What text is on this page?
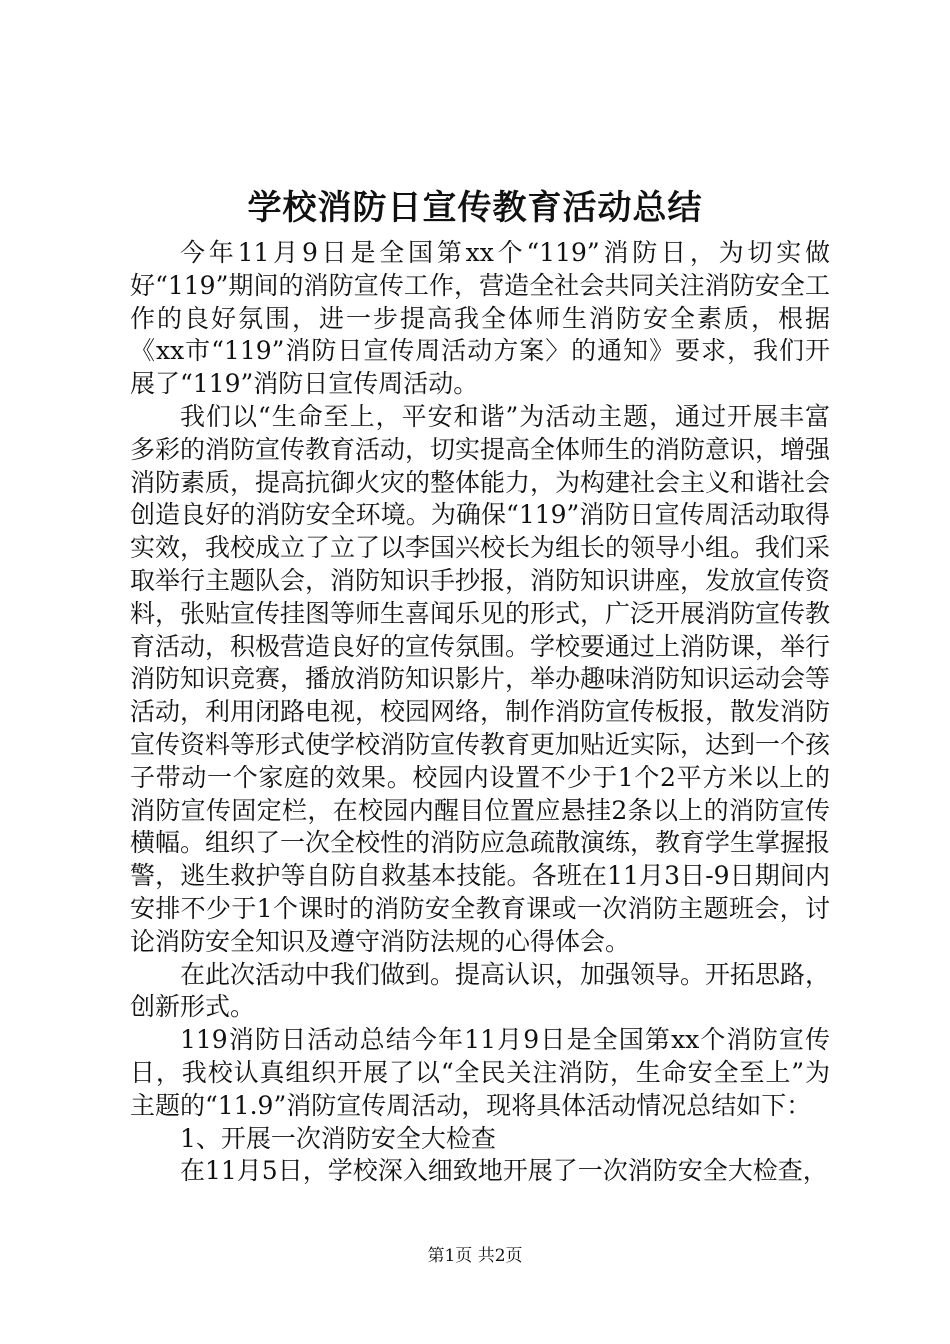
学校消防日宣传教育活动总结

今年11月9日是全国第xx个“119”消防日，为切实做好“119”期间的消防宣传工作，营造全社会共同关注消防安全工作的良好氛围，进一步提高我全体师生消防安全素质，根据《xx市“119”消防日宣传周活动方案〉的通知》要求，我们开展了“119”消防日宣传周活动。

我们以“生命至上，平安和谐”为活动主题，通过开展丰富多彩的消防宣传教育活动，切实提高全体师生的消防意识，增强消防素质，提高抗御火灾的整体能力，为构建社会主义和谐社会创造良好的消防安全环境。为确保“119”消防日宣传周活动取得实效，我校成立了立了以李国兴校长为组长的领导小组。我们采取举行主题队会，消防知识手抄报，消防知识讲座，发放宣传资料，张贴宣传挂图等师生喜闻乐见的形式，广泛开展消防宣传教育活动，积极营造良好的宣传氛围。学校要通过上消防课，举行消防知识竞赛，播放消防知识影片，举办趣味消防知识运动会等活动，利用闭路电视，校园网络，制作消防宣传板报，散发消防宣传资料等形式使学校消防宣传教育更加贴近实际，达到一个孩子带动一个家庭的效果。校园内设置不少于1个2平方米以上的消防宣传固定栏，在校园内醒目位置应悬挂2条以上的消防宣传横幅。组织了一次全校性的消防应急疏散演练，教育学生掌握报警，逃生救护等自防自救基本技能。各班在11月3日-9日期间内安排不少于1个课时的消防安全教育课或一次消防主题班会，讨论消防安全知识及遵守消防法规的心得体会。

在此次活动中我们做到。提高认识，加强领导。开拓思路，创新形式。

119消防日活动总结今年11月9日是全国第xx个消防宣传日，我校认真组织开展了以“全民关注消防，生命安全至上”为主题的“11.9”消防宣传周活动，现将具体活动情况总结如下：

1、开展一次消防安全大检查

在11月5日，学校深入细致地开展了一次消防安全大检查，

第1页 共2页
